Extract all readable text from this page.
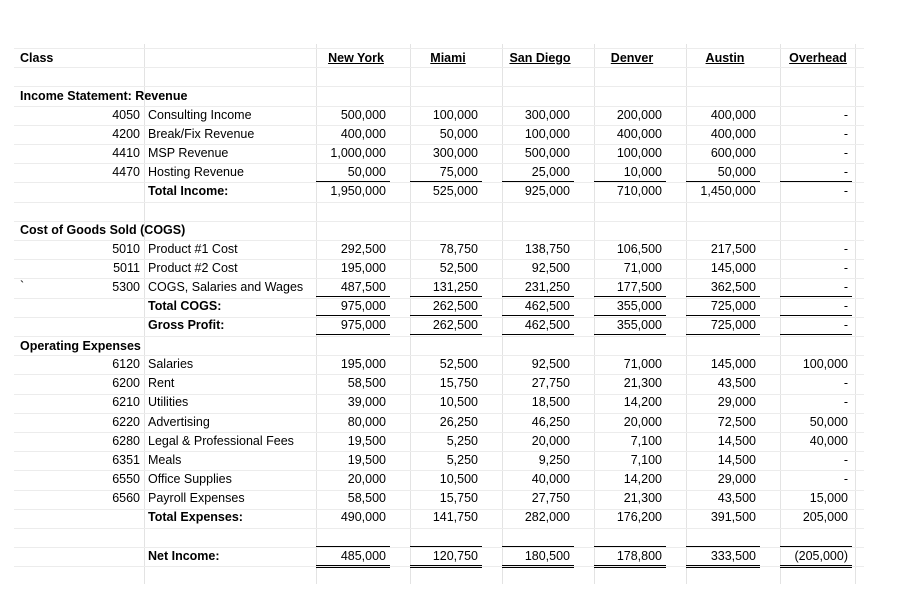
Class	New York	Miami	San Diego	Denver	Austin	Overhead
Income Statement: Revenue
4050 Consulting Income	500,000	100,000	300,000	200,000	400,000	-
4200 Break/Fix Revenue	400,000	50,000	100,000	400,000	400,000	-
4410 MSP Revenue	1,000,000	300,000	500,000	100,000	600,000	-
4470 Hosting Revenue	50,000	75,000	25,000	10,000	50,000	-
Total Income:	1,950,000	525,000	925,000	710,000	1,450,000	-
Cost of Goods Sold (COGS)
5010 Product #1 Cost	292,500	78,750	138,750	106,500	217,500	-
5011 Product #2 Cost	195,000	52,500	92,500	71,000	145,000	-
5300 COGS, Salaries and Wages	487,500	131,250	231,250	177,500	362,500	-
Total COGS:	975,000	262,500	462,500	355,000	725,000	-
Gross Profit:	975,000	262,500	462,500	355,000	725,000	-
Operating Expenses
6120 Salaries	195,000	52,500	92,500	71,000	145,000	100,000
6200 Rent	58,500	15,750	27,750	21,300	43,500	-
6210 Utilities	39,000	10,500	18,500	14,200	29,000	-
6220 Advertising	80,000	26,250	46,250	20,000	72,500	50,000
6280 Legal & Professional Fees	19,500	5,250	20,000	7,100	14,500	40,000
6351 Meals	19,500	5,250	9,250	7,100	14,500	-
6550 Office Supplies	20,000	10,500	40,000	14,200	29,000	-
6560 Payroll Expenses	58,500	15,750	27,750	21,300	43,500	15,000
Total Expenses:	490,000	141,750	282,000	176,200	391,500	205,000
`
Net Income:	485,000	120,750	180,500	178,800	333,500	(205,000)
